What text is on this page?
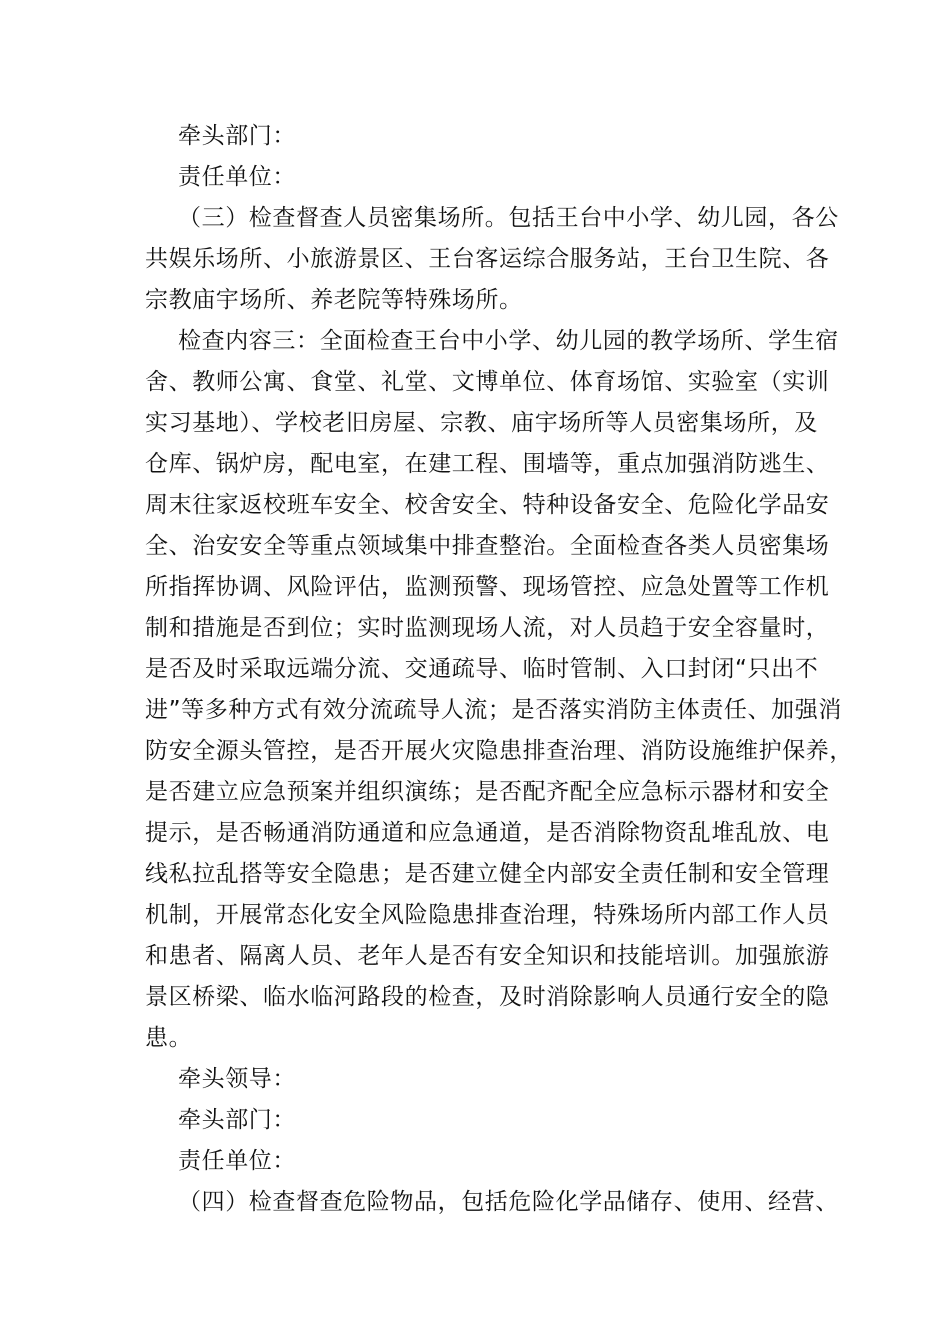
牵头部门：
责任单位：
（三）检查督查人员密集场所。包括王台中小学、幼儿园，各公
共娱乐场所、小旅游景区、王台客运综合服务站，王台卫生院、各
宗教庙宇场所、养老院等特殊场所。
检查内容三：全面检查王台中小学、幼儿园的教学场所、学生宿
舍、教师公寓、食堂、礼堂、文博单位、体育场馆、实验室（实训
实习基地）、学校老旧房屋、宗教、庙宇场所等人员密集场所，及
仓库、锅炉房，配电室，在建工程、围墙等，重点加强消防逃生、
周末往家返校班车安全、校舍安全、特种设备安全、危险化学品安
全、治安安全等重点领域集中排查整治。全面检查各类人员密集场
所指挥协调、风险评估，监测预警、现场管控、应急处置等工作机
制和措施是否到位；实时监测现场人流，对人员趋于安全容量时，
是否及时采取远端分流、交通疏导、临时管制、入口封闭“只出不
进”等多种方式有效分流疏导人流；是否落实消防主体责任、加强消
防安全源头管控，是否开展火灾隐患排查治理、消防设施维护保养，
是否建立应急预案并组织演练；是否配齐配全应急标示器材和安全
提示，是否畅通消防通道和应急通道，是否消除物资乱堆乱放、电
线私拉乱搭等安全隐患；是否建立健全内部安全责任制和安全管理
机制，开展常态化安全风险隐患排查治理，特殊场所内部工作人员
和患者、隔离人员、老年人是否有安全知识和技能培训。加强旅游
景区桥梁、临水临河路段的检查，及时消除影响人员通行安全的隐
患。
牵头领导：
牵头部门：
责任单位：
（四）检查督查危险物品，包括危险化学品储存、使用、经营、
